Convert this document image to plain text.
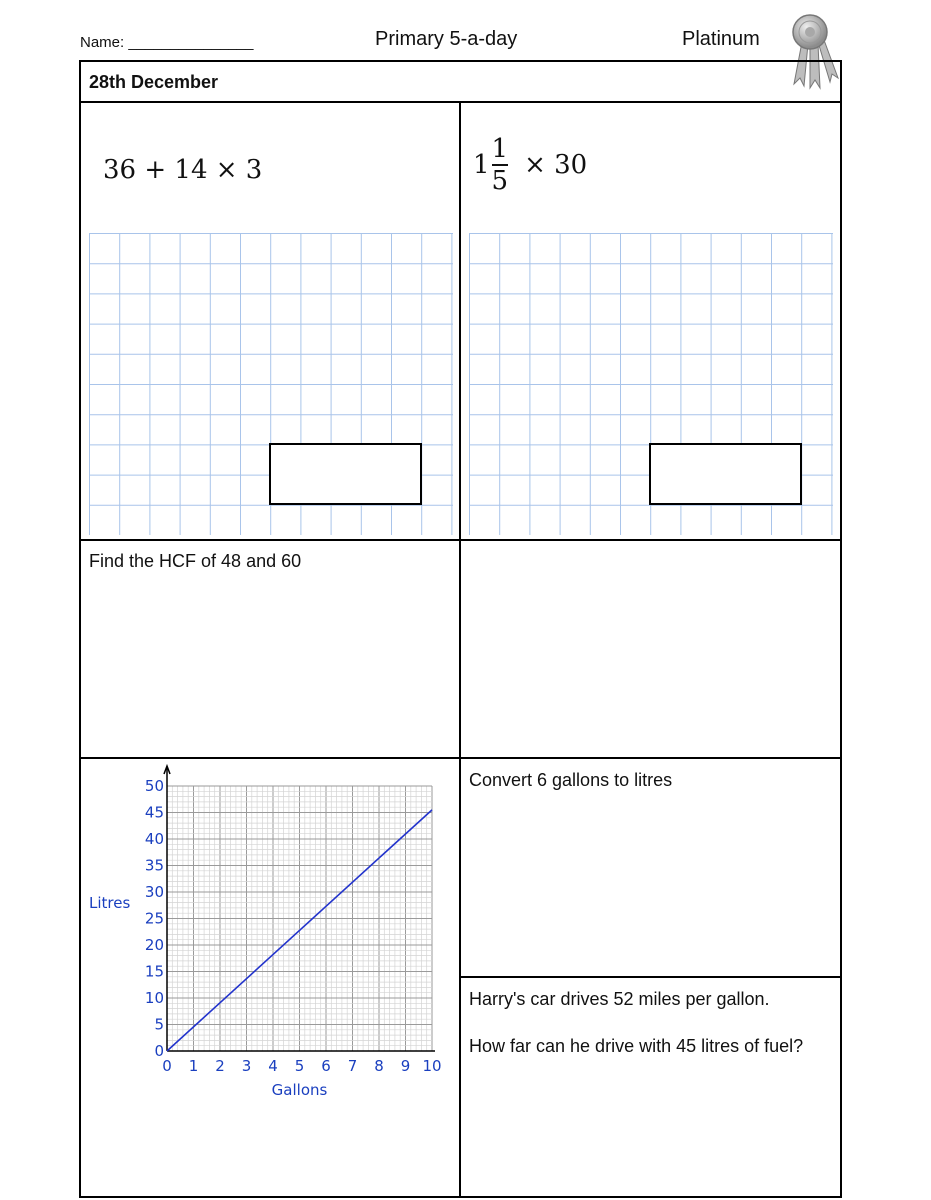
Name: _______________	Primary 5-a-day	Platinum
28th December
36 + 14 × 3	$1 \frac{1}{5} \times 30$
Find the HCF of 48 and 60
Convert 6 gallons to litres
Harry's car drives 52 miles per gallon.
How far can he drive with 45 litres of fuel?
0 1 2 3 4 5 6 7 8 9 10
0
5
10
15
20
25
30
35
40
45
50
Gallons
Litres
